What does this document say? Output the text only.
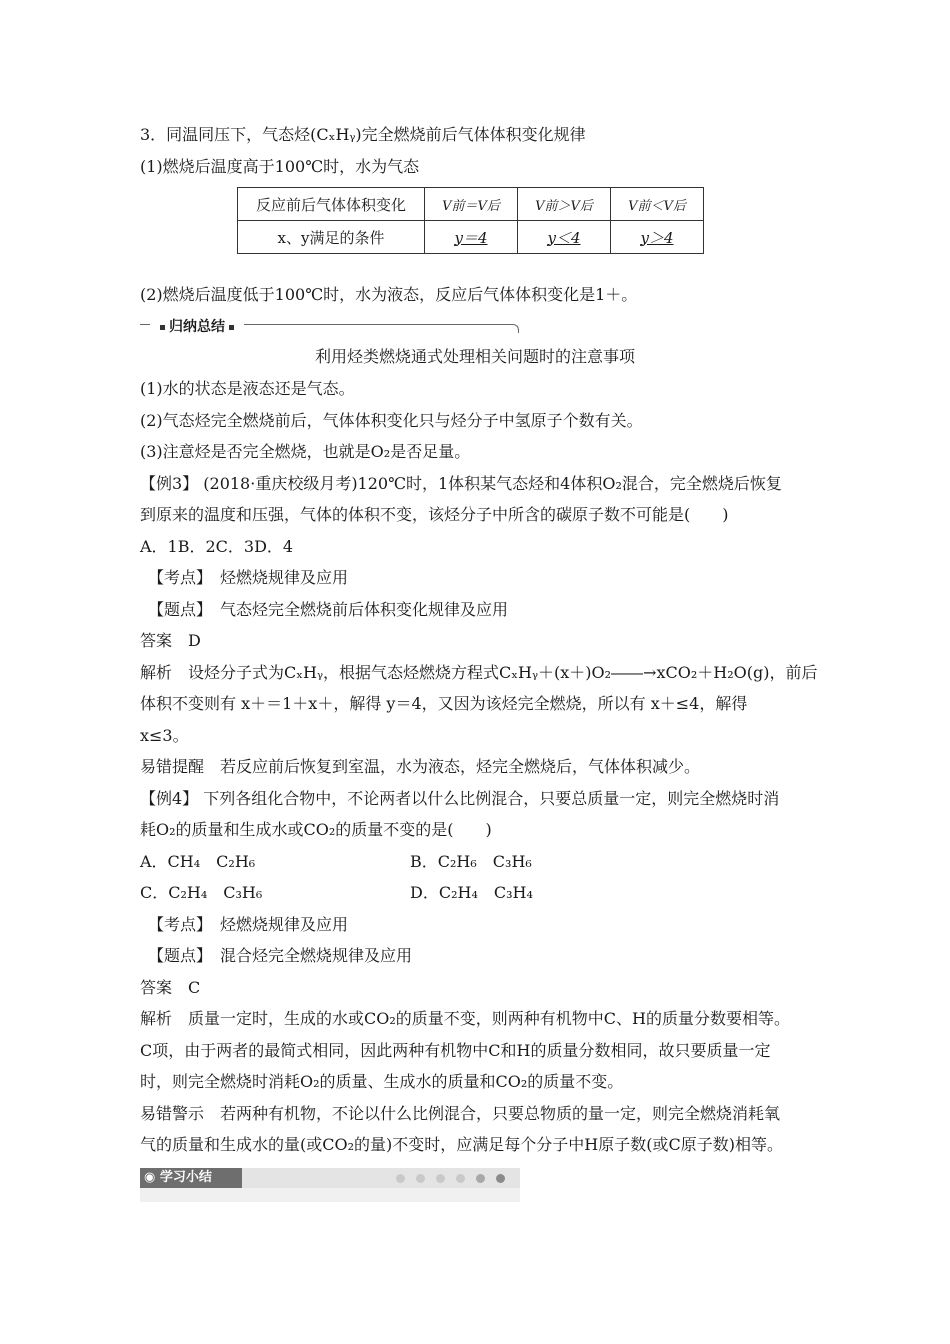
3．同温同压下，气态烃(CₓHᵧ)完全燃烧前后气体体积变化规律
(1)燃烧后温度高于100℃时，水为气态
反应前后气体体积变化	V前＝V后	V前＞V后	V前＜V后
x、y满足的条件	y＝4	y＜4	y＞4
(2)燃烧后温度低于100℃时，水为液态，反应后气体体积变化是1＋。
归纳总结
利用烃类燃烧通式处理相关问题时的注意事项
(1)水的状态是液态还是气态。
(2)气态烃完全燃烧前后，气体体积变化只与烃分子中氢原子个数有关。
(3)注意烃是否完全燃烧，也就是O₂是否足量。
【例3】 (2018·重庆校级月考)120℃时，1体积某气态烃和4体积O₂混合，完全燃烧后恢复
到原来的温度和压强，气体的体积不变，该烃分子中所含的碳原子数不可能是(　　)
A．1B．2C．3D．4
【考点】　烃燃烧规律及应用
【题点】　气态烃完全燃烧前后体积变化规律及应用
答案　D
解析　设烃分子式为CₓHᵧ，根据气态烃燃烧方程式CₓHᵧ＋(x＋)O₂――→xCO₂＋H₂O(g)，前后
体积不变则有 x＋＝1＋x＋，解得 y＝4，又因为该烃完全燃烧，所以有 x＋≤4，解得
x≤3。
易错提醒　若反应前后恢复到室温，水为液态，烃完全燃烧后，气体体积减少。
【例4】 下列各组化合物中，不论两者以什么比例混合，只要总质量一定，则完全燃烧时消
耗O₂的质量和生成水或CO₂的质量不变的是(　　)
A．CH₄　C₂H₆	B．C₂H₆　C₃H₆
C．C₂H₄　C₃H₆	D．C₂H₄　C₃H₄
【考点】　烃燃烧规律及应用
【题点】　混合烃完全燃烧规律及应用
答案　C
解析　质量一定时，生成的水或CO₂的质量不变，则两种有机物中C、H的质量分数要相等。
C项，由于两者的最简式相同，因此两种有机物中C和H的质量分数相同，故只要质量一定
时，则完全燃烧时消耗O₂的质量、生成水的质量和CO₂的质量不变。
易错警示　若两种有机物，不论以什么比例混合，只要总物质的量一定，则完全燃烧消耗氧
气的质量和生成水的量(或CO₂的量)不变时，应满足每个分子中H原子数(或C原子数)相等。
◉ 学习小结
